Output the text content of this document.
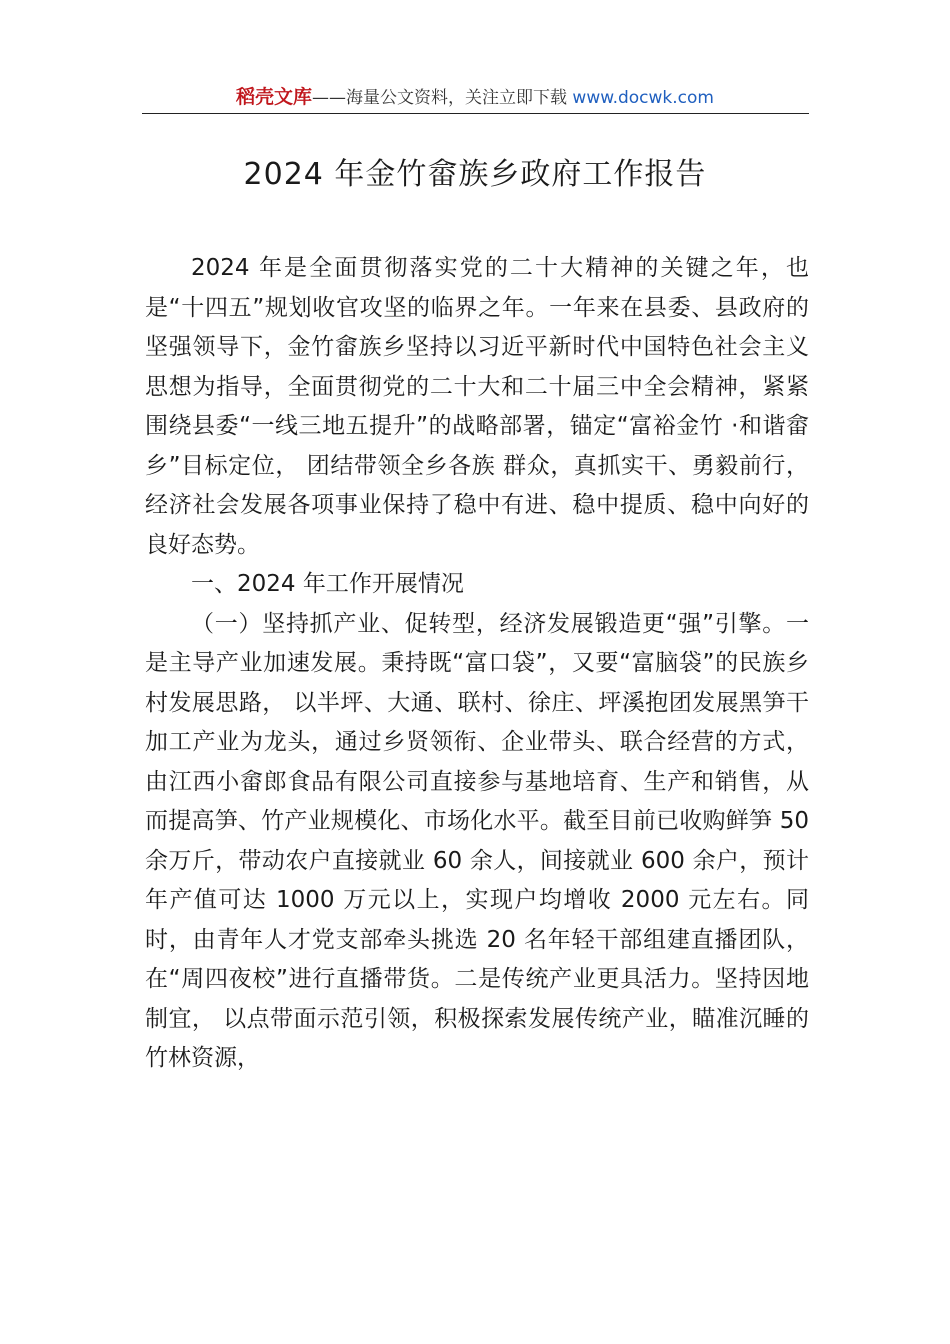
稻壳文库——海量公文资料，关注立即下载 www.docwk.com
2024 年金竹畲族乡政府工作报告

2024 年是全面贯彻落实党的二十大精神的关键之年，也是“十四五”规划收官攻坚的临界之年。一年来在县委、县政府的坚强领导下，金竹畲族乡坚持以习近平新时代中国特色社会主义思想为指导，全面贯彻党的二十大和二十届三中全会精神，紧紧围绕县委“一线三地五提升”的战略部署，锚定“富裕金竹 ·和谐畲乡”目标定位， 团结带领全乡各族 群众，真抓实干、勇毅前行，经济社会发展各项事业保持了稳中有进、稳中提质、稳中向好的良好态势。

一、2024 年工作开展情况

（一）坚持抓产业、促转型，经济发展锻造更“强”引擎。一是主导产业加速发展。秉持既“富口袋”，又要“富脑袋”的民族乡村发展思路， 以半坪、大通、联村、徐庄、坪溪抱团发展黑笋干加工产业为龙头，通过乡贤领衔、企业带头、联合经营的方式， 由江西小畲郎食品有限公司直接参与基地培育、生产和销售，从而提高笋、竹产业规模化、市场化水平。截至目前已收购鲜笋 50 余万斤，带动农户直接就业 60 余人，间接就业 600 余户，预计年产值可达 1000 万元以上，实现户均增收 2000 元左右。同时，由青年人才党支部牵头挑选 20 名年轻干部组建直播团队，在“周四夜校”进行直播带货。二是传统产业更具活力。坚持因地制宜， 以点带面示范引领，积极探索发展传统产业，瞄准沉睡的竹林资源，
